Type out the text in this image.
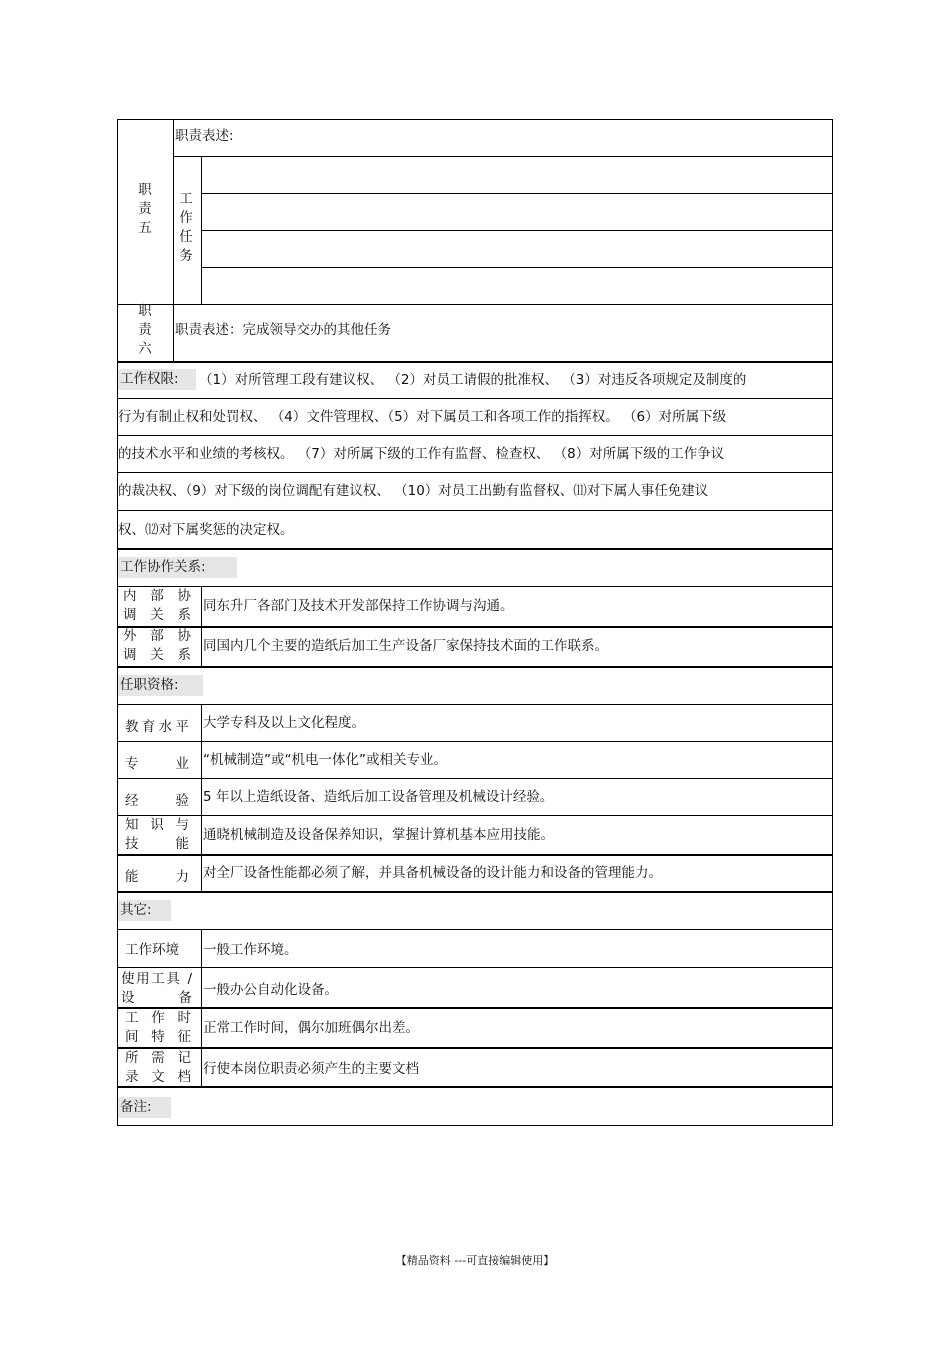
职责五
职责表述:
工作任务
职责六
职责表述：完成领导交办的其他任务
工作权限:	（1）对所管理工段有建议权、 （2）对员工请假的批准权、 （3）对违反各项规定及制度的
行为有制止权和处罚权、 （4）文件管理权、（5）对下属员工和各项工作的指挥权。 （6）对所属下级
的技术水平和业绩的考核权。 （7）对所属下级的工作有监督、检查权、 （8）对所属下级的工作争议
的裁决权、（9）对下级的岗位调配有建议权、 （10）对员工出勤有监督权、⑾对下属人事任免建议
权、⑿对下属奖惩的决定权。
工作协作关系:
内 部 协
调 关 系
同东升厂各部门及技术开发部保持工作协调与沟通。
外 部 协
调 关 系
同国内几个主要的造纸后加工生产设备厂家保持技术面的工作联系。
任职资格:
教育水平 大学专科及以上文化程度。
专业 “机械制造”或“机电一体化”或相关专业。
经验 5 年以上造纸设备、造纸后加工设备管理及机械设计经验。
知 识 与
技 能
通晓机械制造及设备保养知识，掌握计算机基本应用技能。
能力 对全厂设备性能都必须了解，并具备机械设备的设计能力和设备的管理能力。
其它:
工作环境 一般工作环境。
使用工具 /
设 备 一般办公自动化设备。
工 作 时
间 特 征
正常工作时间，偶尔加班偶尔出差。
所 需 记
录 文 档 行使本岗位职责必须产生的主要文档
备注:
【精品资料 ---可直接编辑使用】
